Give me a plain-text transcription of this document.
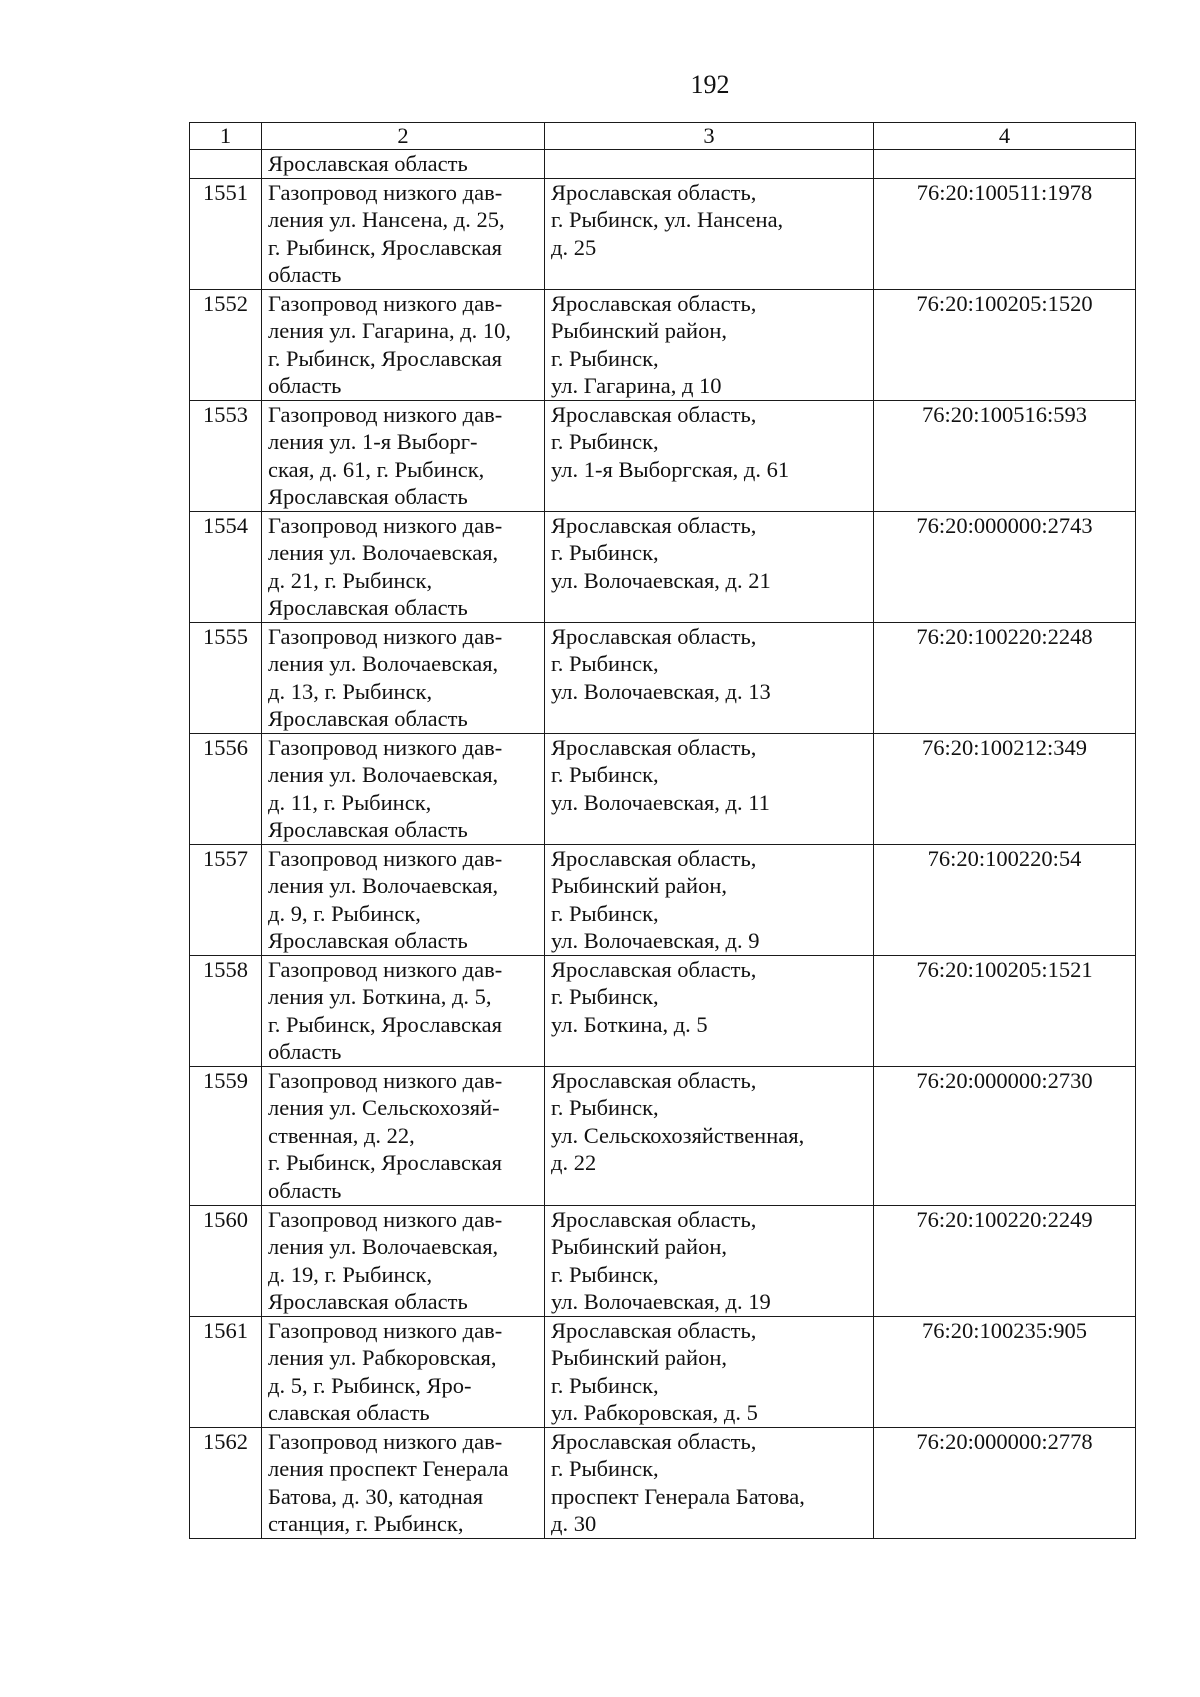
192
1	2	3	4
	Ярославская область		
1551	Газопровод низкого дав-
ления ул. Нансена, д. 25,
г. Рыбинск, Ярославская
область	Ярославская область,
г. Рыбинск, ул. Нансена,
д. 25	76:20:100511:1978
1552	Газопровод низкого дав-
ления ул. Гагарина, д. 10,
г. Рыбинск, Ярославская
область	Ярославская область,
Рыбинский район,
г. Рыбинск,
ул. Гагарина, д 10	76:20:100205:1520
1553	Газопровод низкого дав-
ления ул. 1-я Выборг-
ская, д. 61, г. Рыбинск,
Ярославская область	Ярославская область,
г. Рыбинск,
ул. 1-я Выборгская, д. 61	76:20:100516:593
1554	Газопровод низкого дав-
ления ул. Волочаевская,
д. 21, г. Рыбинск,
Ярославская область	Ярославская область,
г. Рыбинск,
ул. Волочаевская, д. 21	76:20:000000:2743
1555	Газопровод низкого дав-
ления ул. Волочаевская,
д. 13, г. Рыбинск,
Ярославская область	Ярославская область,
г. Рыбинск,
ул. Волочаевская, д. 13	76:20:100220:2248
1556	Газопровод низкого дав-
ления ул. Волочаевская,
д. 11, г. Рыбинск,
Ярославская область	Ярославская область,
г. Рыбинск,
ул. Волочаевская, д. 11	76:20:100212:349
1557	Газопровод низкого дав-
ления ул. Волочаевская,
д. 9, г. Рыбинск,
Ярославская область	Ярославская область,
Рыбинский район,
г. Рыбинск,
ул. Волочаевская, д. 9	76:20:100220:54
1558	Газопровод низкого дав-
ления ул. Боткина, д. 5,
г. Рыбинск, Ярославская
область	Ярославская область,
г. Рыбинск,
ул. Боткина, д. 5	76:20:100205:1521
1559	Газопровод низкого дав-
ления ул. Сельскохозяй-
ственная, д. 22,
г. Рыбинск, Ярославская
область	Ярославская область,
г. Рыбинск,
ул. Сельскохозяйственная,
д. 22	76:20:000000:2730
1560	Газопровод низкого дав-
ления ул. Волочаевская,
д. 19, г. Рыбинск,
Ярославская область	Ярославская область,
Рыбинский район,
г. Рыбинск,
ул. Волочаевская, д. 19	76:20:100220:2249
1561	Газопровод низкого дав-
ления ул. Рабкоровская,
д. 5, г. Рыбинск, Яро-
славская область	Ярославская область,
Рыбинский район,
г. Рыбинск,
ул. Рабкоровская, д. 5	76:20:100235:905
1562	Газопровод низкого дав-
ления проспект Генерала
Батова, д. 30, катодная
станция, г. Рыбинск,	Ярославская область,
г. Рыбинск,
проспект Генерала Батова,
д. 30	76:20:000000:2778
